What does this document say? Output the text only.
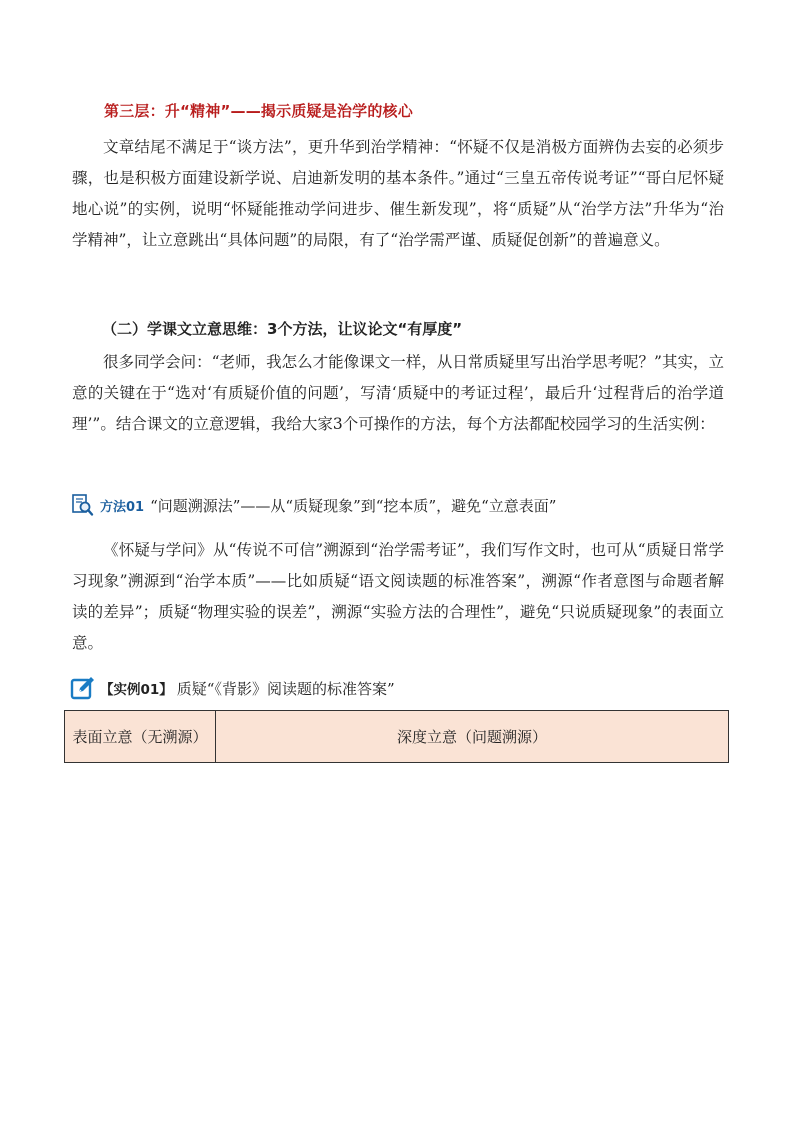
第三层：升“精神”——揭示质疑是治学的核心

文章结尾不满足于“谈方法”，更升华到治学精神：“怀疑不仅是消极方面辨伪去妄的必须步骤，也是积极方面建设新学说、启迪新发明的基本条件。”通过“三皇五帝传说考证”“哥白尼怀疑地心说”的实例，说明“怀疑能推动学问进步、催生新发现”，将“质疑”从“治学方法”升华为“治学精神”，让立意跳出“具体问题”的局限，有了“治学需严谨、质疑促创新”的普遍意义。

（二）学课文立意思维：3个方法，让议论文“有厚度”

很多同学会问：“老师，我怎么才能像课文一样，从日常质疑里写出治学思考呢？”其实，立意的关键在于“选对‘有质疑价值的问题’，写清‘质疑中的考证过程’，最后升‘过程背后的治学道理’”。结合课文的立意逻辑，我给大家3个可操作的方法，每个方法都配校园学习的生活实例：

方法01 “问题溯源法”——从“质疑现象”到“挖本质”，避免“立意表面”

《怀疑与学问》从“传说不可信”溯源到“治学需考证”，我们写作文时，也可从“质疑日常学习现象”溯源到“治学本质”——比如质疑“语文阅读题的标准答案”，溯源“作者意图与命题者解读的差异”；质疑“物理实验的误差”，溯源“实验方法的合理性”，避免“只说质疑现象”的表面立意。

【实例01】 质疑“《背影》阅读题的标准答案”
表面立意（无溯源）	深度立意（问题溯源）
